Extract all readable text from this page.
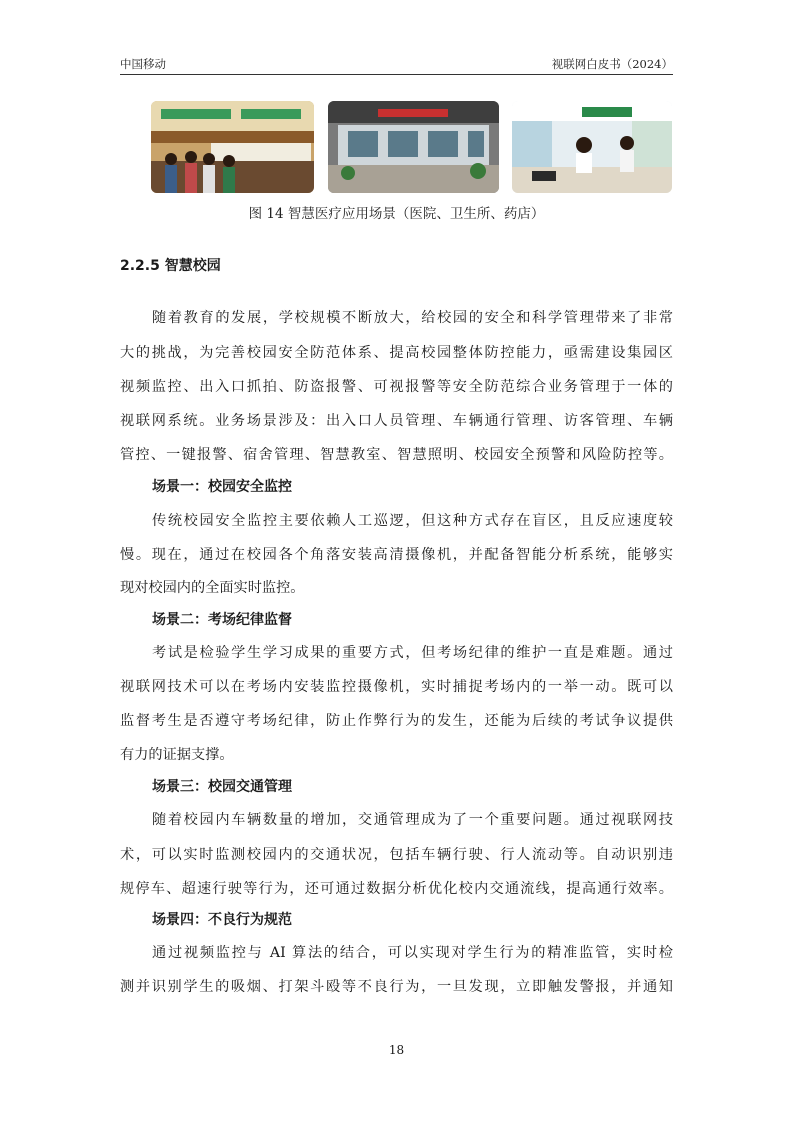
中国移动	视联网白皮书（2024）
图 14 智慧医疗应用场景（医院、卫生所、药店）
2.2.5 智慧校园
随着教育的发展，学校规模不断放大，给校园的安全和科学管理带来了非常
大的挑战，为完善校园安全防范体系、提高校园整体防控能力，亟需建设集园区
视频监控、出入口抓拍、防盗报警、可视报警等安全防范综合业务管理于一体的
视联网系统。业务场景涉及：出入口人员管理、车辆通行管理、访客管理、车辆
管控、一键报警、宿舍管理、智慧教室、智慧照明、校园安全预警和风险防控等。
场景一：校园安全监控
传统校园安全监控主要依赖人工巡逻，但这种方式存在盲区，且反应速度较
慢。现在，通过在校园各个角落安装高清摄像机，并配备智能分析系统，能够实
现对校园内的全面实时监控。
场景二：考场纪律监督
考试是检验学生学习成果的重要方式，但考场纪律的维护一直是难题。通过
视联网技术可以在考场内安装监控摄像机，实时捕捉考场内的一举一动。既可以
监督考生是否遵守考场纪律，防止作弊行为的发生，还能为后续的考试争议提供
有力的证据支撑。
场景三：校园交通管理
随着校园内车辆数量的增加，交通管理成为了一个重要问题。通过视联网技
术，可以实时监测校园内的交通状况，包括车辆行驶、行人流动等。自动识别违
规停车、超速行驶等行为，还可通过数据分析优化校内交通流线，提高通行效率。
场景四：不良行为规范
通过视频监控与 AI 算法的结合，可以实现对学生行为的精准监管，实时检
测并识别学生的吸烟、打架斗殴等不良行为，一旦发现，立即触发警报，并通知
18
